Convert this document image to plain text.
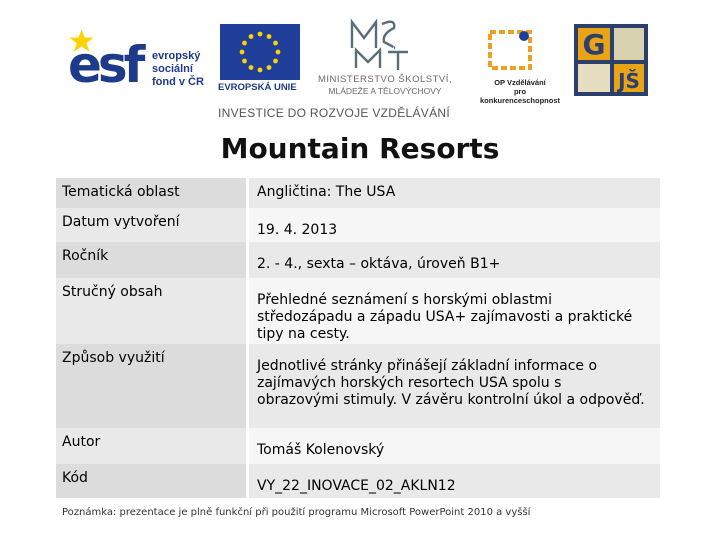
esf evropský
sociální
fond v ČR EVROPSKÁ UNIE
MINISTERSTVO ŠKOLSTVÍ,
MLÁDEŽE A TĚLOVÝCHOVY
OP Vzdělávání
pro konkurenceschopnost
G
JŠ
INVESTICE DO ROZVOJE VZDĚLÁVÁNÍ
Mountain Resorts
Tematická oblast	Angličtina: The USA
Datum vytvoření	19. 4. 2013
Ročník	2. - 4., sexta – oktáva, úroveň B1+
Stručný obsah	Přehledné seznámení s horskými oblastmi středozápadu a západu USA+ zajímavosti a praktické tipy na cesty.
Způsob využití	Jednotlivé stránky přinášejí základní informace o zajímavých horských resortech USA spolu s obrazovými stimuly. V závěru kontrolní úkol a odpověď.
Autor	Tomáš Kolenovský
Kód	VY_22_INOVACE_02_AKLN12
Poznámka: prezentace je plně funkční při použití programu Microsoft PowerPoint 2010 a vyšší
